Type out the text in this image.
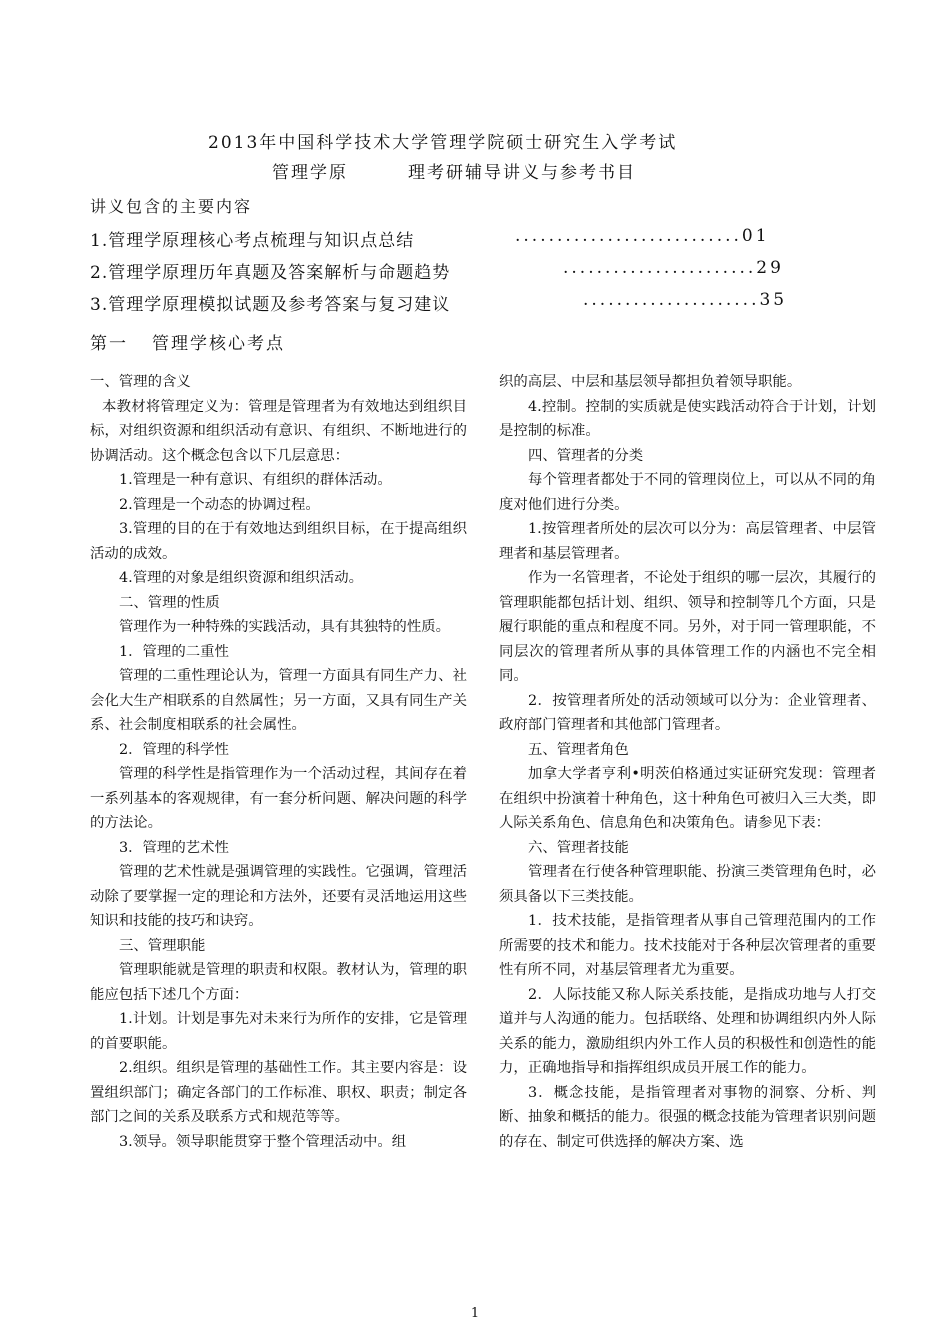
2013年中国科学技术大学管理学院硕士研究生入学考试
管理学原	理考研辅导讲义与参考书目
讲义包含的主要内容
1.管理学原理核心考点梳理与知识点总结	...........................01
2.管理学原理历年真题及答案解析与命题趋势	.......................29
3.管理学原理模拟试题及参考答案与复习建议	.....................35
第一 管理学核心考点

一、管理的含义

本教材将管理定义为：管理是管理者为有效地达到组织目标，对组织资源和组织活动有意识、有组织、不断地进行的协调活动。这个概念包含以下几层意思：

1.管理是一种有意识、有组织的群体活动。

2.管理是一个动态的协调过程。

3.管理的目的在于有效地达到组织目标，在于提高组织活动的成效。

4.管理的对象是组织资源和组织活动。

二、管理的性质

管理作为一种特殊的实践活动，具有其独特的性质。

1．管理的二重性

管理的二重性理论认为，管理一方面具有同生产力、社会化大生产相联系的自然属性；另一方面，又具有同生产关系、社会制度相联系的社会属性。

2．管理的科学性

管理的科学性是指管理作为一个活动过程，其间存在着一系列基本的客观规律，有一套分析问题、解决问题的科学的方法论。

3．管理的艺术性

管理的艺术性就是强调管理的实践性。它强调，管理活动除了要掌握一定的理论和方法外，还要有灵活地运用这些知识和技能的技巧和诀窍。

三、管理职能

管理职能就是管理的职责和权限。教材认为，管理的职能应包括下述几个方面：

1.计划。计划是事先对未来行为所作的安排，它是管理的首要职能。

2.组织。组织是管理的基础性工作。其主要内容是：设置组织部门；确定各部门的工作标准、职权、职责；制定各部门之间的关系及联系方式和规范等等。

3.领导。领导职能贯穿于整个管理活动中。组

织的高层、中层和基层领导都担负着领导职能。

4.控制。控制的实质就是使实践活动符合于计划，计划是控制的标准。

四、管理者的分类

每个管理者都处于不同的管理岗位上，可以从不同的角度对他们进行分类。

1.按管理者所处的层次可以分为：高层管理者、中层管理者和基层管理者。

作为一名管理者，不论处于组织的哪一层次，其履行的管理职能都包括计划、组织、领导和控制等几个方面，只是履行职能的重点和程度不同。另外，对于同一管理职能，不同层次的管理者所从事的具体管理工作的内涵也不完全相同。

2．按管理者所处的活动领域可以分为：企业管理者、政府部门管理者和其他部门管理者。

五、管理者角色

加拿大学者亨利•明茨伯格通过实证研究发现：管理者在组织中扮演着十种角色，这十种角色可被归入三大类，即人际关系角色、信息角色和决策角色。请参见下表：

六、管理者技能

管理者在行使各种管理职能、扮演三类管理角色时，必须具备以下三类技能。

1．技术技能，是指管理者从事自己管理范围内的工作所需要的技术和能力。技术技能对于各种层次管理者的重要性有所不同，对基层管理者尤为重要。

2．人际技能又称人际关系技能，是指成功地与人打交道并与人沟通的能力。包括联络、处理和协调组织内外人际关系的能力，激励组织内外工作人员的积极性和创造性的能力，正确地指导和指挥组织成员开展工作的能力。

3．概念技能，是指管理者对事物的洞察、分析、判断、抽象和概括的能力。很强的概念技能为管理者识别问题的存在、制定可供选择的解决方案、选

1
